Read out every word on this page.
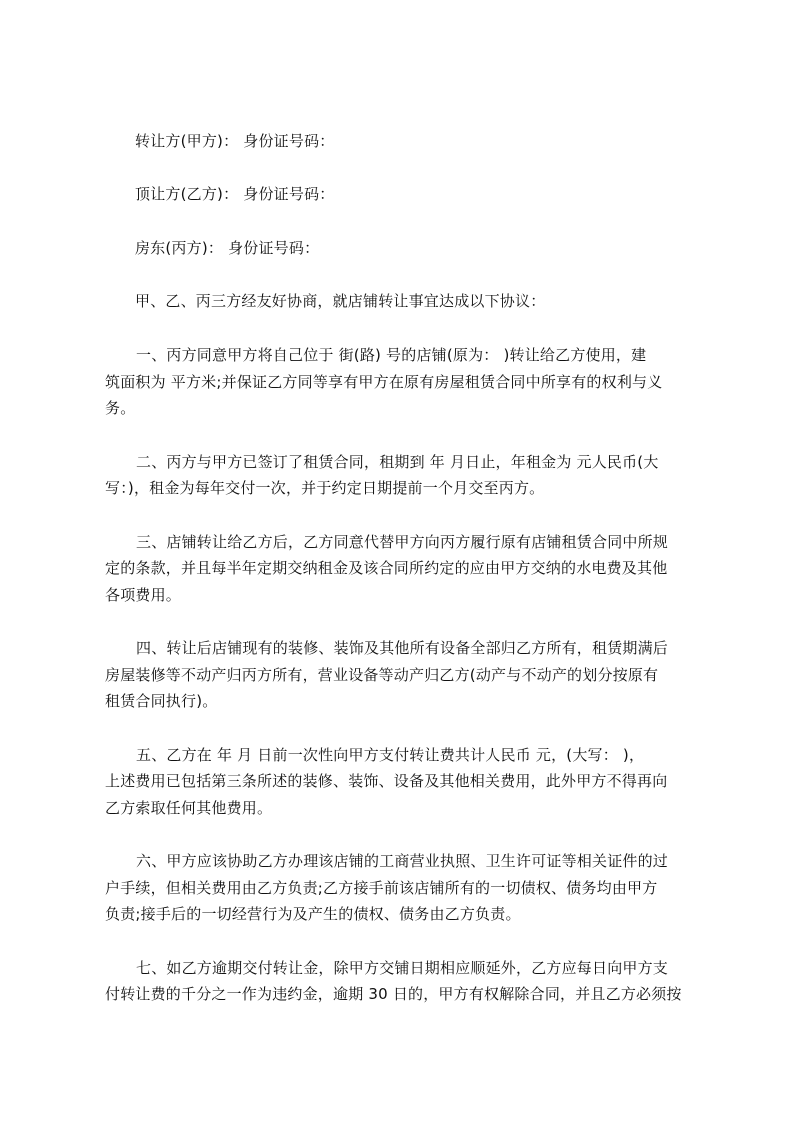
转让方(甲方)： 身份证号码：
顶让方(乙方)： 身份证号码：
房东(丙方)： 身份证号码：
甲、乙、丙三方经友好协商，就店铺转让事宜达成以下协议：
一、丙方同意甲方将自己位于 街(路) 号的店铺(原为： )转让给乙方使用，建
筑面积为 平方米;并保证乙方同等享有甲方在原有房屋租赁合同中所享有的权利与义
务。
二、丙方与甲方已签订了租赁合同，租期到 年 月日止，年租金为 元人民币(大
写：)，租金为每年交付一次，并于约定日期提前一个月交至丙方。
三、店铺转让给乙方后，乙方同意代替甲方向丙方履行原有店铺租赁合同中所规
定的条款，并且每半年定期交纳租金及该合同所约定的应由甲方交纳的水电费及其他
各项费用。
四、转让后店铺现有的装修、装饰及其他所有设备全部归乙方所有，租赁期满后
房屋装修等不动产归丙方所有，营业设备等动产归乙方(动产与不动产的划分按原有
租赁合同执行)。
五、乙方在 年 月 日前一次性向甲方支付转让费共计人民币 元，(大写： )，
上述费用已包括第三条所述的装修、装饰、设备及其他相关费用，此外甲方不得再向
乙方索取任何其他费用。
六、甲方应该协助乙方办理该店铺的工商营业执照、卫生许可证等相关证件的过
户手续，但相关费用由乙方负责;乙方接手前该店铺所有的一切债权、债务均由甲方
负责;接手后的一切经营行为及产生的债权、债务由乙方负责。
七、如乙方逾期交付转让金，除甲方交铺日期相应顺延外，乙方应每日向甲方支
付转让费的千分之一作为违约金，逾期 30 日的，甲方有权解除合同，并且乙方必须按
